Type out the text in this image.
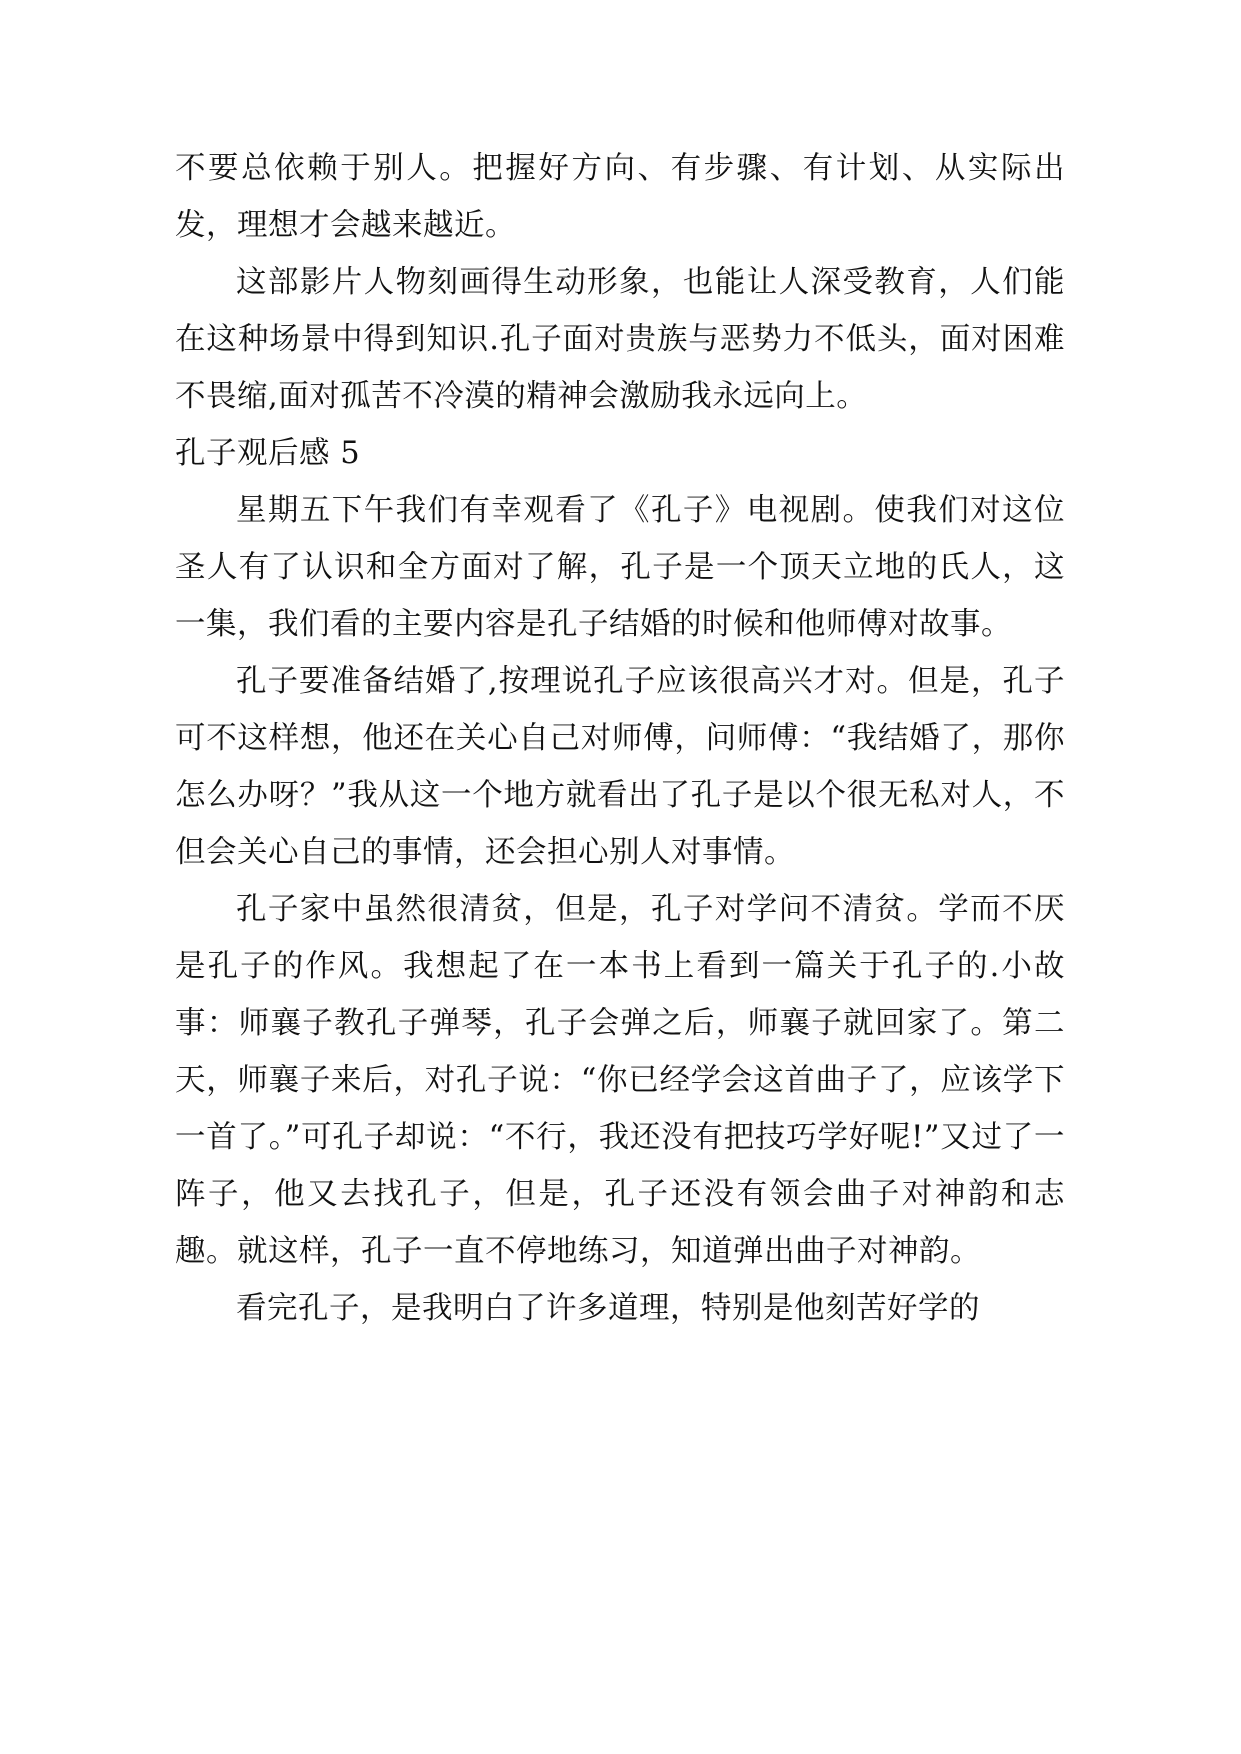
不要总依赖于别人。把握好方向、有步骤、有计划、从实际出发，理想才会越来越近。

这部影片人物刻画得生动形象，也能让人深受教育，人们能在这种场景中得到知识.孔子面对贵族与恶势力不低头，面对困难不畏缩,面对孤苦不冷漠的精神会激励我永远向上。

孔子观后感 5

星期五下午我们有幸观看了《孔子》电视剧。使我们对这位圣人有了认识和全方面对了解，孔子是一个顶天立地的氏人，这一集，我们看的主要内容是孔子结婚的时候和他师傅对故事。

孔子要准备结婚了,按理说孔子应该很高兴才对。但是，孔子可不这样想，他还在关心自己对师傅，问师傅：“我结婚了，那你怎么办呀？”我从这一个地方就看出了孔子是以个很无私对人，不但会关心自己的事情，还会担心别人对事情。

孔子家中虽然很清贫，但是，孔子对学问不清贫。学而不厌是孔子的作风。我想起了在一本书上看到一篇关于孔子的.小故事：师襄子教孔子弹琴，孔子会弹之后，师襄子就回家了。第二天，师襄子来后，对孔子说：“你已经学会这首曲子了，应该学下一首了。”可孔子却说：“不行，我还没有把技巧学好呢!”又过了一阵子，他又去找孔子，但是，孔子还没有领会曲子对神韵和志趣。就这样，孔子一直不停地练习，知道弹出曲子对神韵。

看完孔子，是我明白了许多道理，特别是他刻苦好学的
